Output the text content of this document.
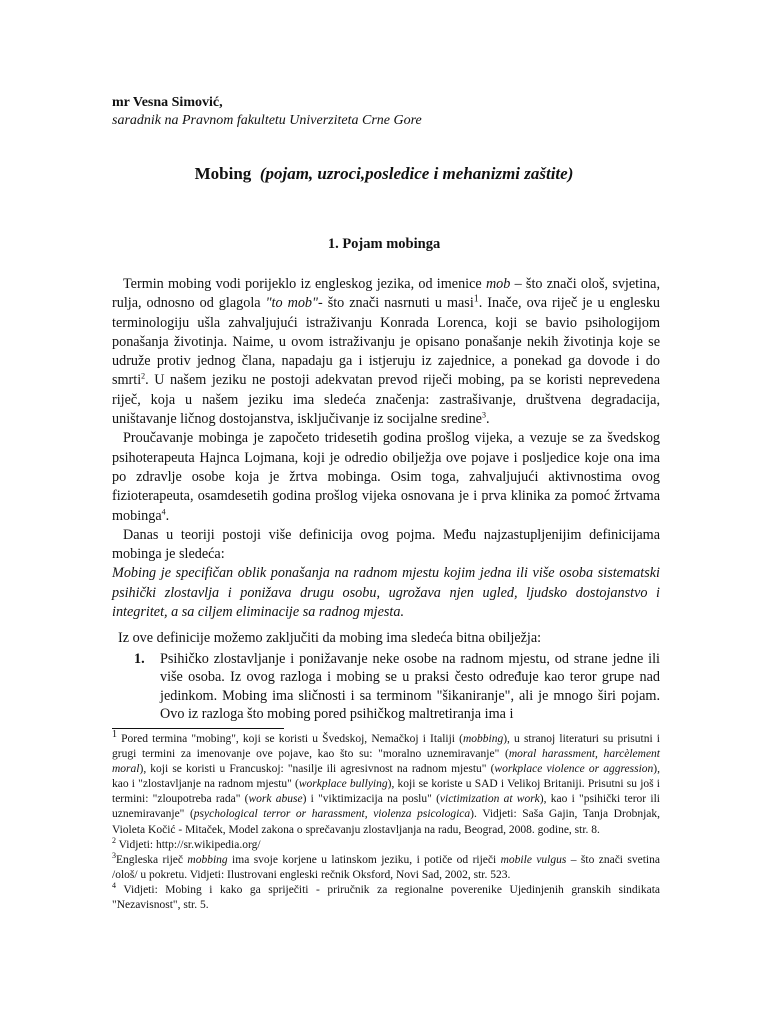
mr Vesna Simović,
saradnik na Pravnom fakultetu Univerziteta Crne Gore
Mobing (pojam, uzroci,posledice i mehanizmi zaštite)
1. Pojam mobinga

Termin mobing vodi porijeklo iz engleskog jezika, od imenice mob – što znači ološ, svjetina, rulja, odnosno od glagola "to mob"- što znači nasrnuti u masi$^1$. Inače, ova riječ je u englesku terminologiju ušla zahvaljujući istraživanju Konrada Lorenca, koji se bavio psihologijom ponašanja životinja. Naime, u ovom istraživanju je opisano ponašanje nekih životinja koje se udruže protiv jednog člana, napadaju ga i istjeruju iz zajednice, a ponekad ga dovode i do smrti$^2$. U našem jeziku ne postoji adekvatan prevod riječi mobing, pa se koristi neprevedena riječ, koja u našem jeziku ima sledeća značenja: zastrašivanje, društvena degradacija, uništavanje ličnog dostojanstva, isključivanje iz socijalne sredine$^3$.

Proučavanje mobinga je započeto tridesetih godina prošlog vijeka, a vezuje se za švedskog psihoterapeuta Hajnca Lojmana, koji je odredio obilježja ove pojave i posljedice koje ona ima po zdravlje osobe koja je žrtva mobinga. Osim toga, zahvaljujući aktivnostima ovog fizioterapeuta, osamdesetih godina prošlog vijeka osnovana je i prva klinika za pomoć žrtvama mobinga$^4$.

Danas u teoriji postoji više definicija ovog pojma. Među najzastupljenijim definicijama mobinga je sledeća:

Mobing je specifičan oblik ponašanja na radnom mjestu kojim jedna ili više osoba sistematski psihički zlostavlja i ponižava drugu osobu, ugrožava njen ugled, ljudsko dostojanstvo i integritet, a sa ciljem eliminacije sa radnog mjesta.

Iz ove definicije možemo zaključiti da mobing ima sledeća bitna obilježja:
1. Psihičko zlostavljanje i ponižavanje neke osobe na radnom mjestu, od strane jedne ili više osoba. Iz ovog razloga i mobing se u praksi često određuje kao teror grupe nad jedinkom. Mobing ima sličnosti i sa terminom "šikaniranje", ali je mnogo širi pojam. Ovo iz razloga što mobing pored psihičkog maltretiranja ima i

1 Pored termina "mobing", koji se koristi u Švedskoj, Nemačkoj i Italiji (mobbing), u stranoj literaturi su prisutni i grugi termini za imenovanje ove pojave, kao što su: "moralno uznemiravanje" (moral harassment, harcèlement moral), koji se koristi u Francuskoj: "nasilje ili agresivnost na radnom mjestu" (workplace violence or aggression), kao i "zlostavljanje na radnom mjestu" (workplace bullying), koji se koriste u SAD i Velikoj Britaniji. Prisutni su još i termini: "zloupotreba rada" (work abuse) i "viktimizacija na poslu" (victimization at work), kao i "psihički teror ili uznemiravanje" (psychological terror or harassment, violenza psicologica). Vidjeti: Saša Gajin, Tanja Drobnjak, Violeta Kočić - Mitaček, Model zakona o sprečavanju zlostavljanja na radu, Beograd, 2008. godine, str. 8.

$^2$ Vidjeti: http://sr.wikipedia.org/

$^3$Engleska riječ mobbing ima svoje korjene u latinskom jeziku, i potiče od riječi mobile vulgus – što znači svetina /ološ/ u pokretu. Vidjeti: Ilustrovani engleski rečnik Oksford, Novi Sad, 2002, str. 523.

$^4$ Vidjeti: Mobing i kako ga spriječiti - priručnik za regionalne poverenike Ujedinjenih granskih sindikata "Nezavisnost", str. 5.
